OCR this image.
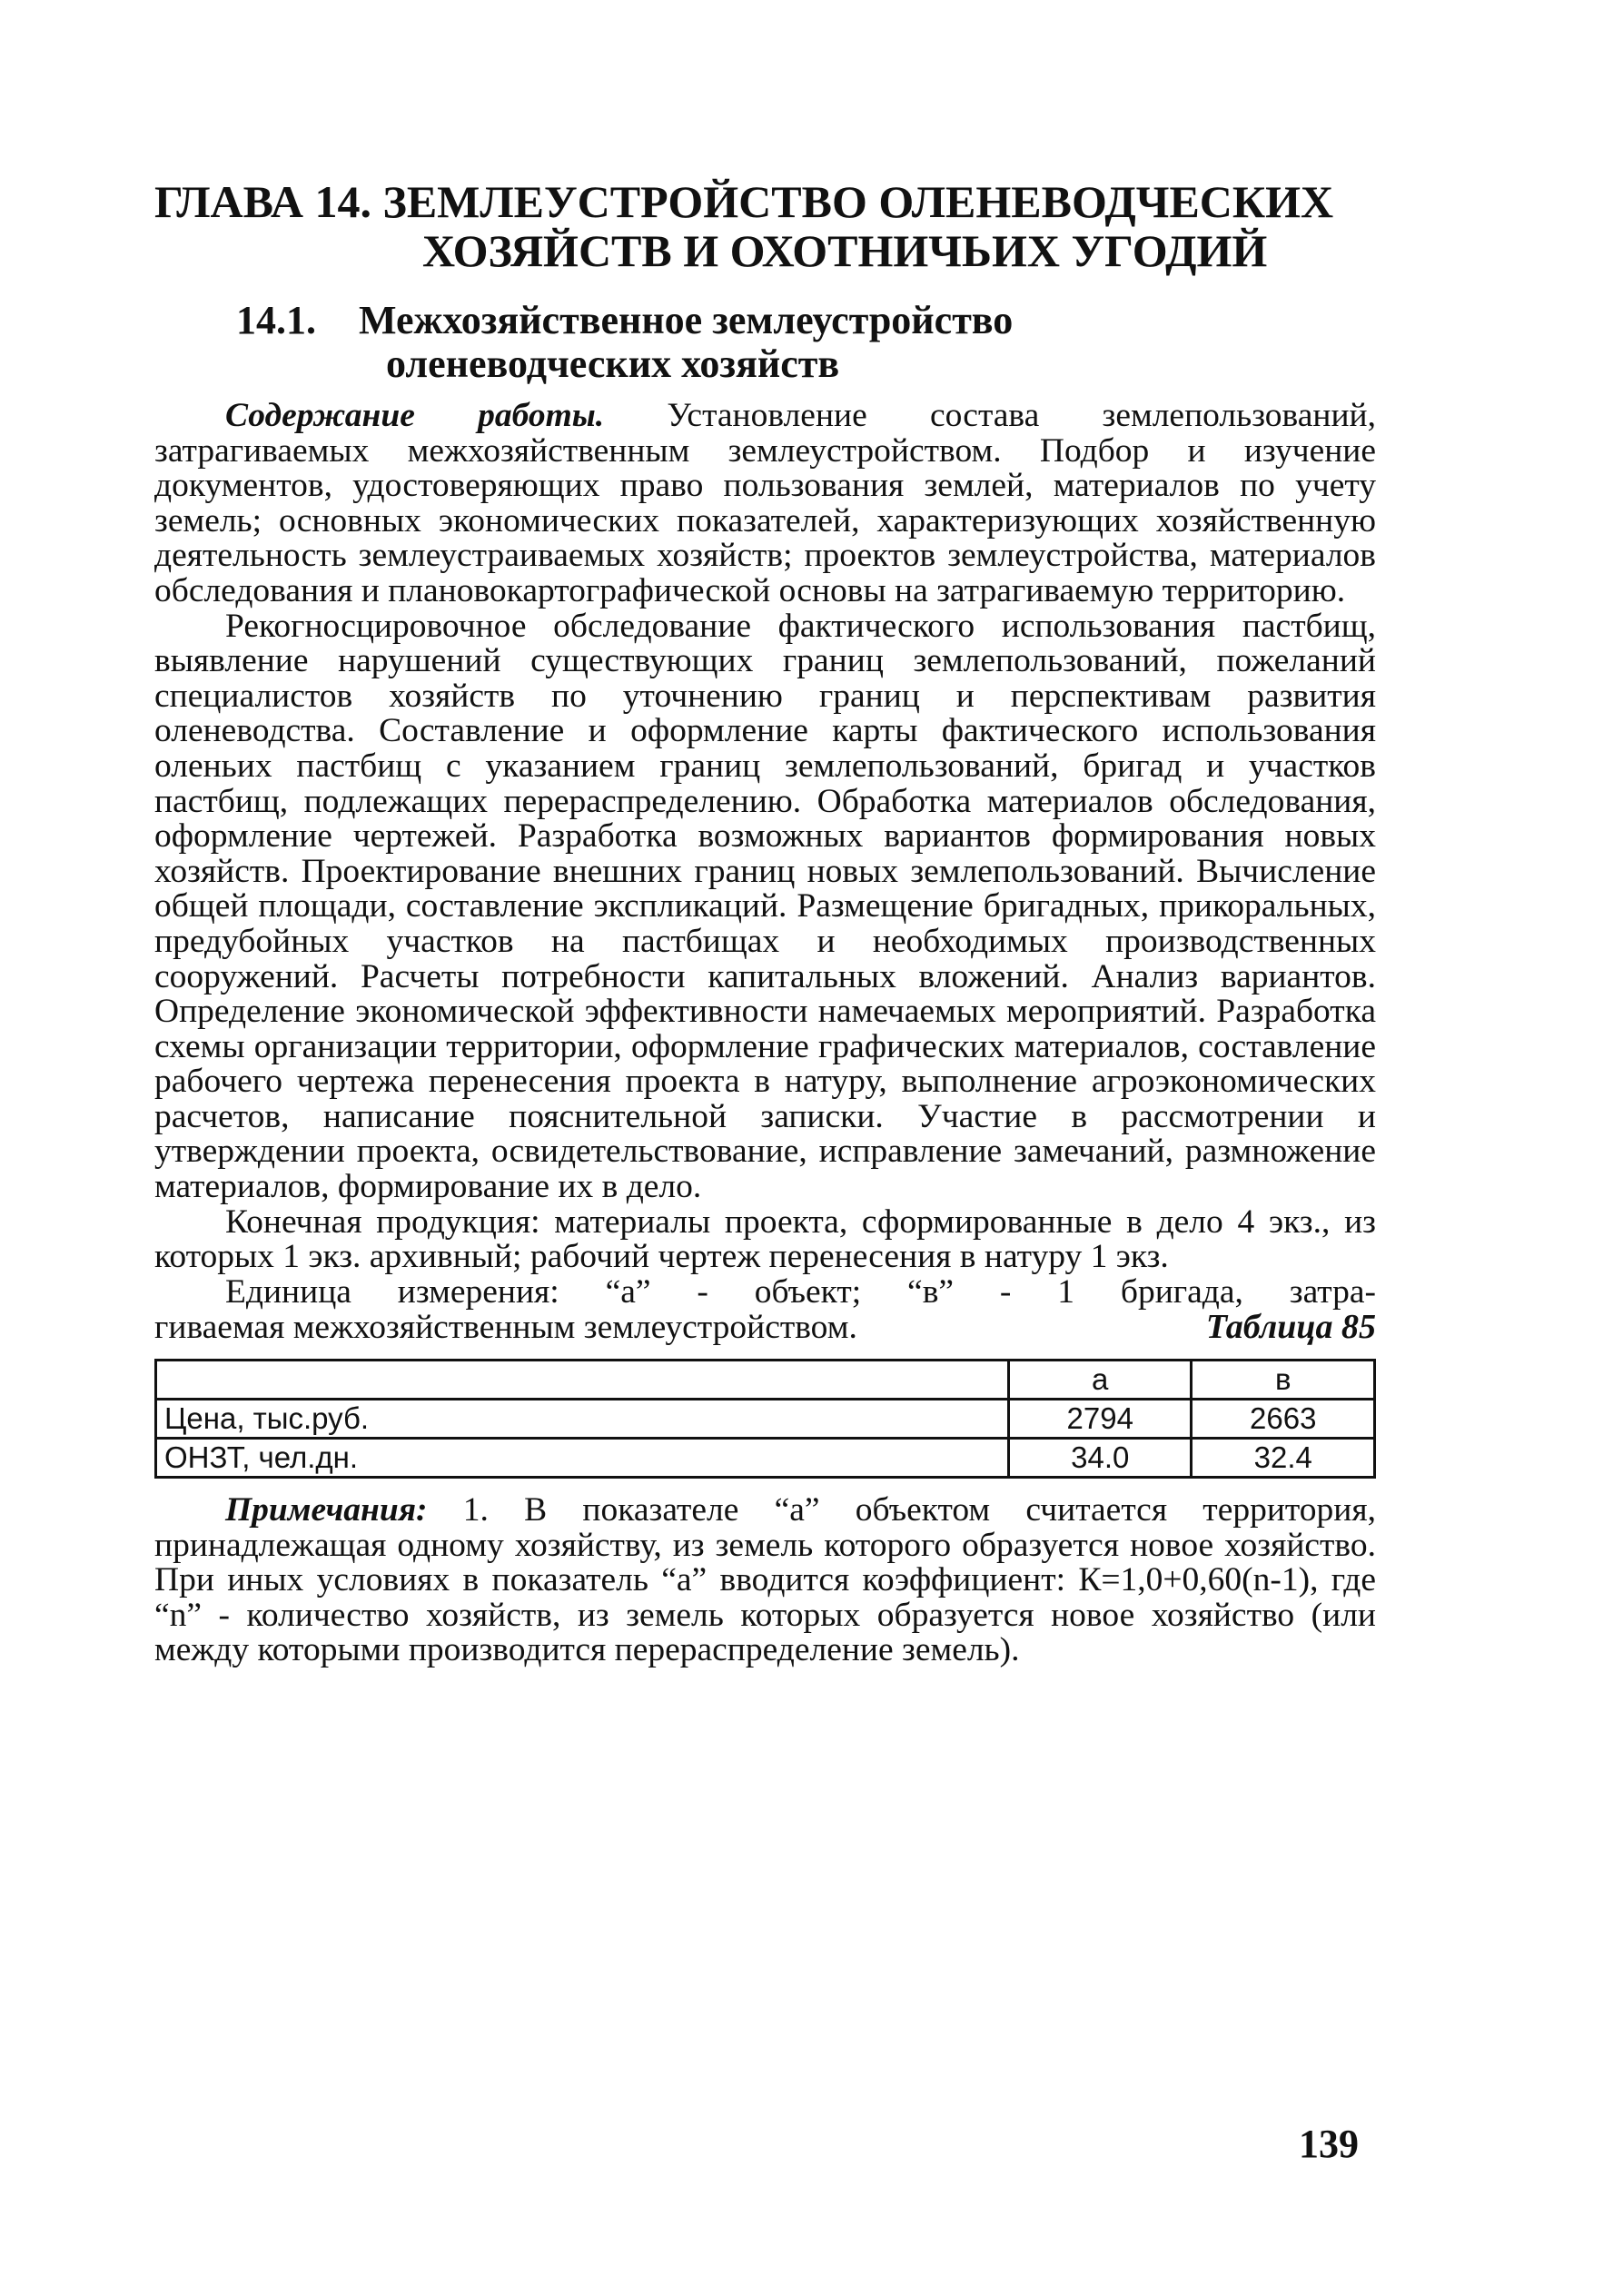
ГЛАВА 14. ЗЕМЛЕУСТРОЙСТВО ОЛЕНЕВОДЧЕСКИХ
ХОЗЯЙСТВ И ОХОТНИЧЬИХ УГОДИЙ
14.1. Межхозяйственное землеустройство
оленеводческих хозяйств

Содержание работы. Установление состава землепользований, затрагиваемых межхозяйственным землеустройством. Подбор и изучение документов, удостоверяющих право пользования землей, материалов по учету земель; основных экономических показателей, характеризующих хозяйственную деятельность землеустраиваемых хозяйств; проектов землеустройства, материалов обследования и плановокартографической основы на затрагиваемую территорию.

Рекогносцировочное обследование фактического использования пастбищ, выявление нарушений существующих границ землепользований, пожеланий специалистов хозяйств по уточнению границ и перспективам развития оленеводства. Составление и оформление карты фактического использования оленьих пастбищ с указанием границ землепользований, бригад и участков пастбищ, подлежащих перераспределению. Обработка материалов обследования, оформление чертежей. Разработка возможных вариантов формирования новых хозяйств. Проектирование внешних границ новых землепользований. Вычисление общей площади, составление экспликаций. Размещение бригадных, прикоральных, предубойных участков на пастбищах и необходимых производственных сооружений. Расчеты потребности капитальных вложений. Анализ вариантов. Определение экономической эффективности намечаемых мероприятий. Разработка схемы организации территории, оформление графических материалов, составление рабочего чертежа перенесения проекта в натуру, выполнение агроэкономических расчетов, написание пояснительной записки. Участие в рассмотрении и утверждении проекта, освидетельствование, исправление замечаний, размножение материалов, формирование их в дело.

Конечная продукция: материалы проекта, сформированные в дело 4 экз., из которых 1 экз. архивный; рабочий чертеж перенесения в натуру 1 экз.

Единица измерения: “а” - объект; “в” - 1 бригада, затра-

гиваемая межхозяйственным землеустройством.	Таблица 85
	а	в
Цена, тыс.руб.	2794	2663
ОНЗТ, чел.дн.	34.0	32.4

Примечания: 1. В показателе “а” объектом считается территория, принадлежащая одному хозяйству, из земель которого образуется новое хозяйство. При иных условиях в показатель “а” вводится коэффициент: К=1,0+0,60(n-1), где “n” - количество хозяйств, из земель которых образуется новое хозяйство (или между которыми производится перераспределение земель).

139
